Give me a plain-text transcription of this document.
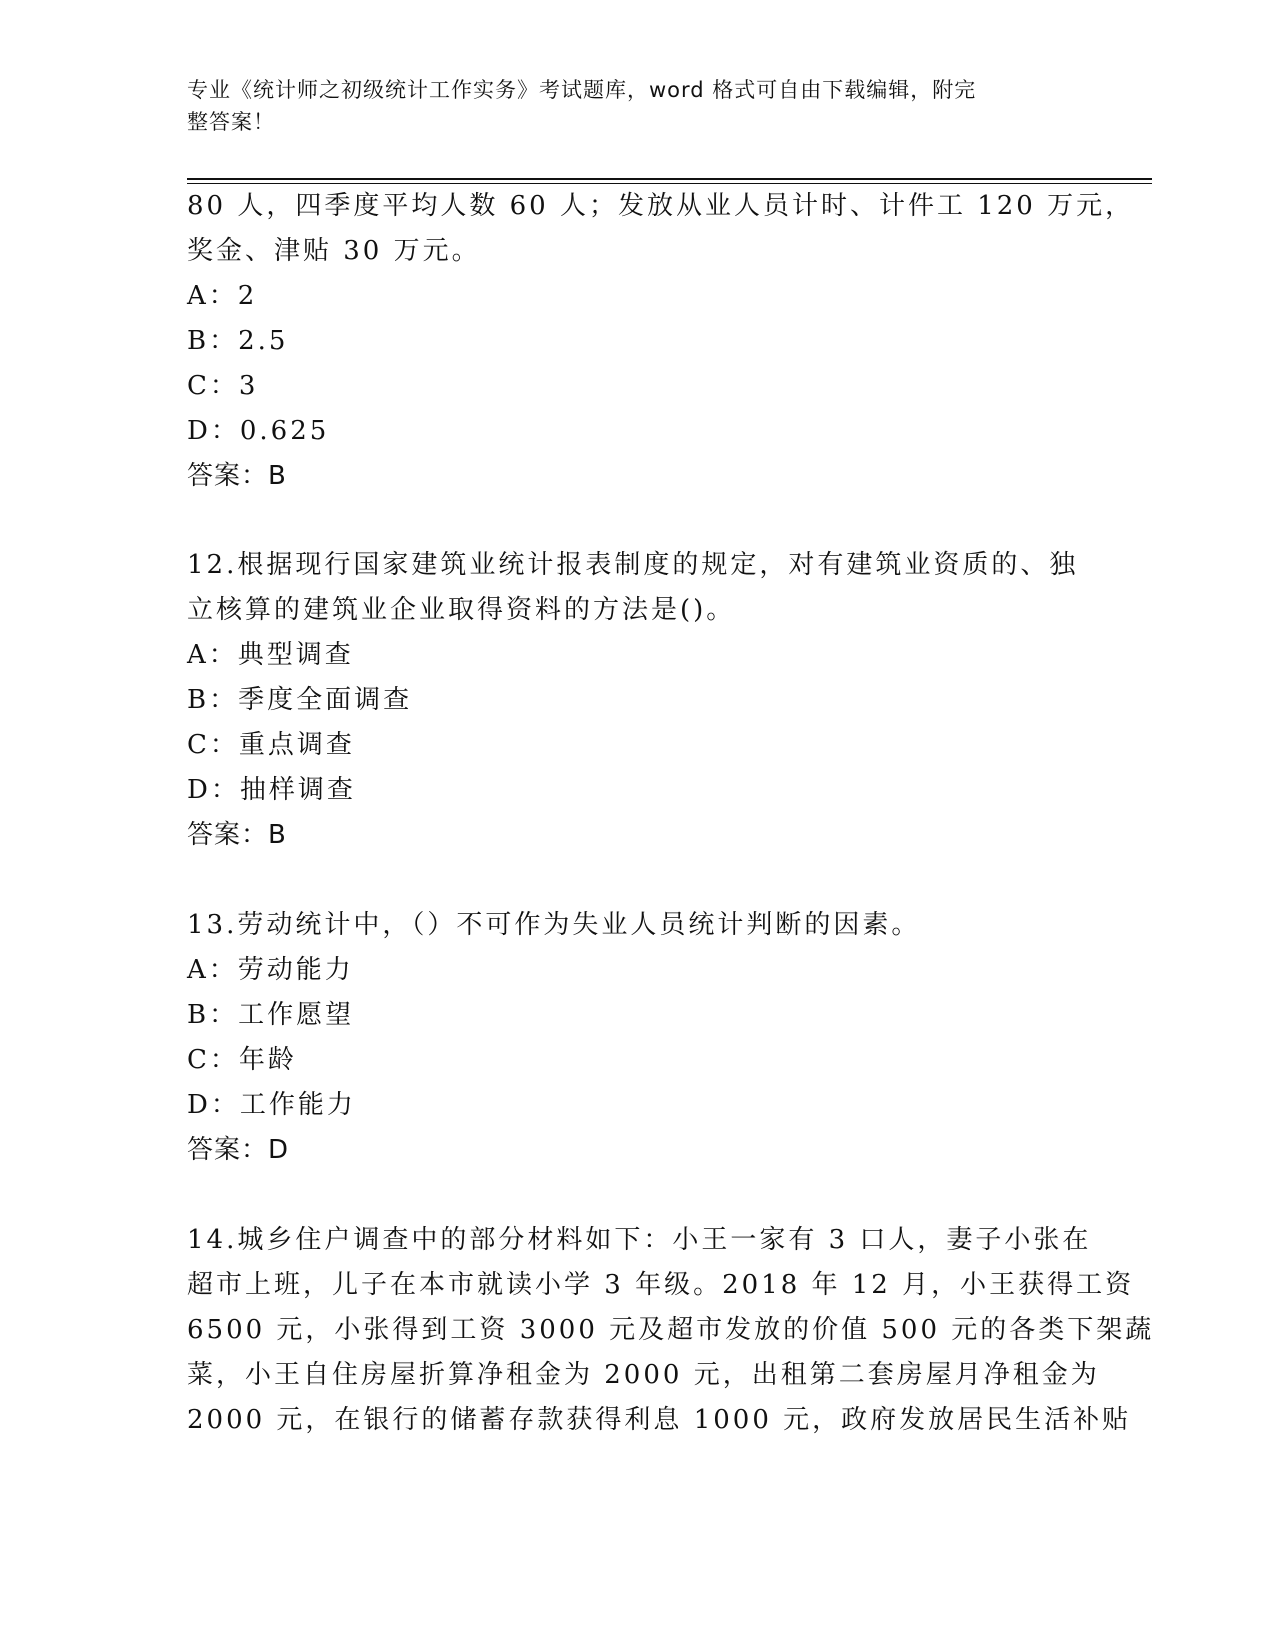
专业《统计师之初级统计工作实务》考试题库，word 格式可自由下载编辑，附完
整答案！
80 人，四季度平均人数 60 人；发放从业人员计时、计件工 120 万元，
奖金、津贴 30 万元。
A：2
B：2.5
C：3
D：0.625
答案：B
12.根据现行国家建筑业统计报表制度的规定，对有建筑业资质的、独
立核算的建筑业企业取得资料的方法是()。
A：典型调查
B：季度全面调查
C：重点调查
D：抽样调查
答案：B
13.劳动统计中，（）不可作为失业人员统计判断的因素。
A：劳动能力
B：工作愿望
C：年龄
D：工作能力
答案：D
14.城乡住户调查中的部分材料如下：小王一家有 3 口人，妻子小张在
超市上班，儿子在本市就读小学 3 年级。2018 年 12 月，小王获得工资
6500 元，小张得到工资 3000 元及超市发放的价值 500 元的各类下架蔬
菜，小王自住房屋折算净租金为 2000 元，出租第二套房屋月净租金为
2000 元，在银行的储蓄存款获得利息 1000 元，政府发放居民生活补贴
